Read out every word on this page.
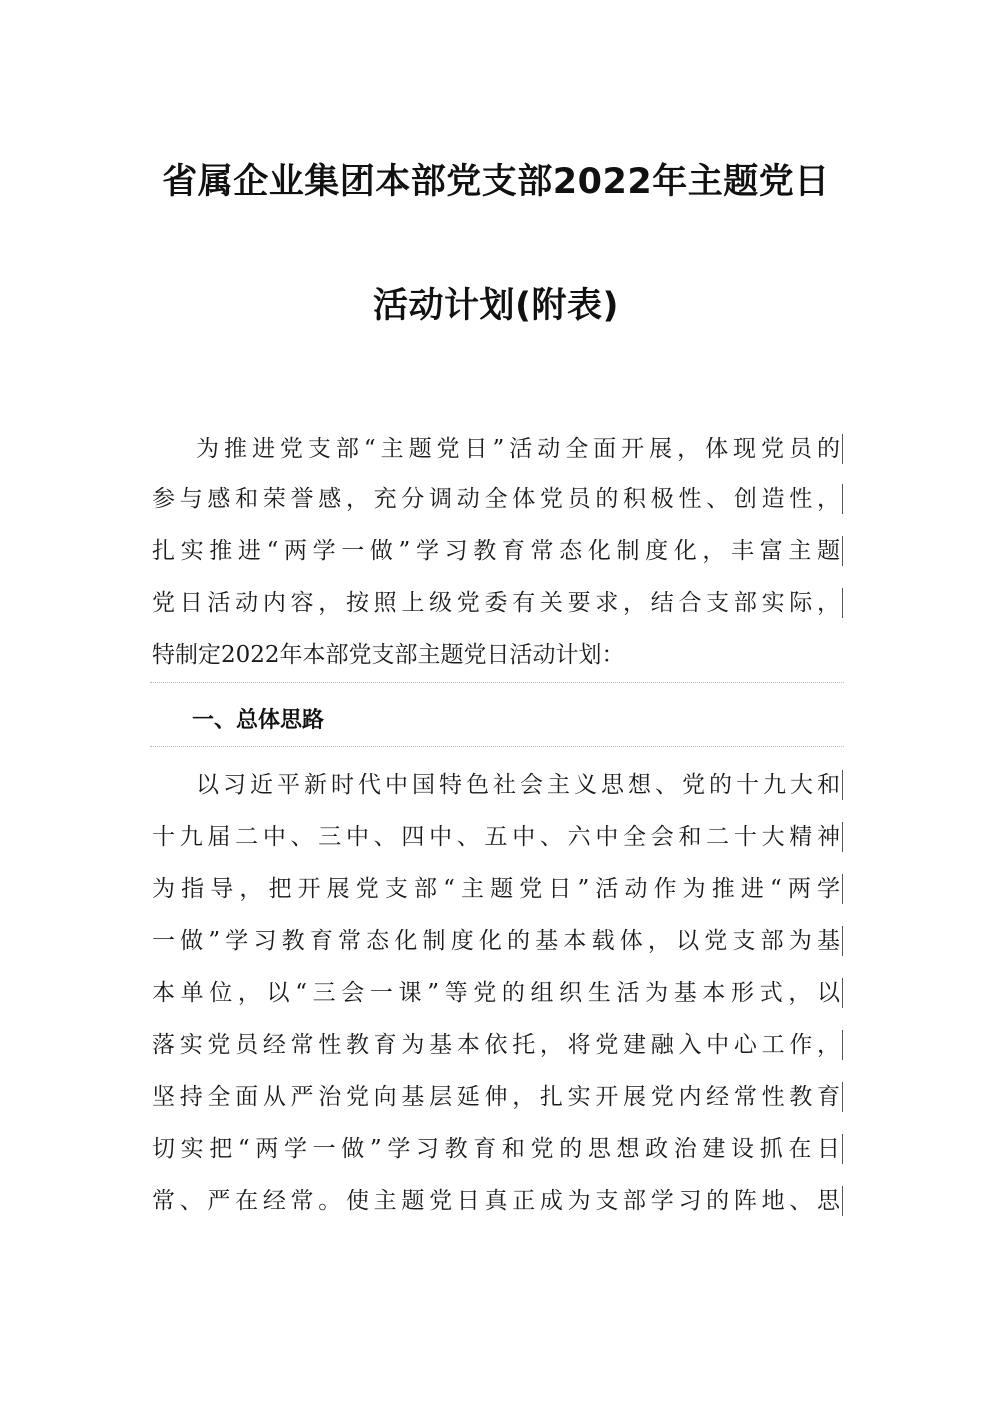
省属企业集团本部党支部2022年主题党日
活动计划(附表)
为推进党支部“主题党日”活动全面开展，体现党员的
参与感和荣誉感，充分调动全体党员的积极性、创造性，
扎实推进“两学一做”学习教育常态化制度化，丰富主题
党日活动内容，按照上级党委有关要求，结合支部实际，
特制定2022年本部党支部主题党日活动计划：
一、总体思路
以习近平新时代中国特色社会主义思想、党的十九大和
十九届二中、三中、四中、五中、六中全会和二十大精神
为指导，把开展党支部“主题党日”活动作为推进“两学
一做”学习教育常态化制度化的基本载体，以党支部为基
本单位，以“三会一课”等党的组织生活为基本形式，以
落实党员经常性教育为基本依托，将党建融入中心工作，
坚持全面从严治党向基层延伸，扎实开展党内经常性教育
切实把“两学一做”学习教育和党的思想政治建设抓在日
常、严在经常。使主题党日真正成为支部学习的阵地、思
